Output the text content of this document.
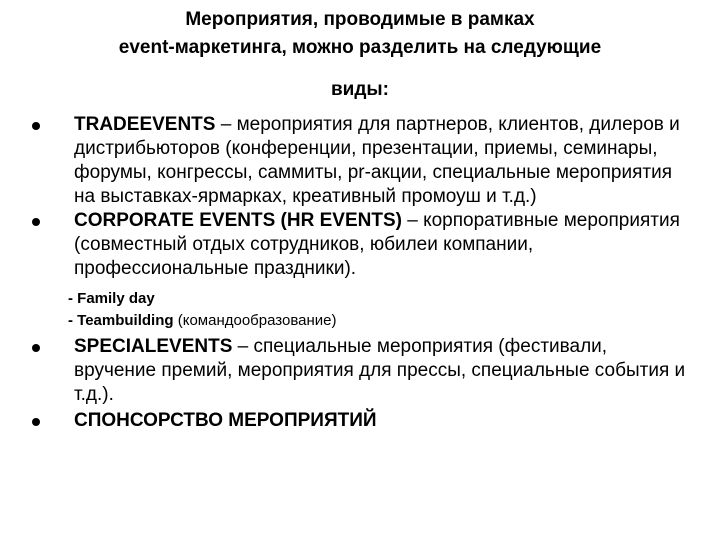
Мероприятия, проводимые в рамках
event-маркетинга, можно разделить на следующие
виды:
TRADEEVENTS – мероприятия для партнеров, клиентов, дилеров и дистрибьюторов (конференции, презентации, приемы, семинары, форумы, конгрессы, саммиты, pr-акции, специальные мероприятия на выставках-ярмарках, креативный промоуш и т.д.)
CORPORATE EVENTS (HR EVENTS) – корпоративные мероприятия (совместный отдых сотрудников, юбилеи компании, профессиональные праздники).
- Family day
- Teambuilding (командообразование)
SPECIALEVENTS – специальные мероприятия (фестивали, вручение премий, мероприятия для прессы, специальные события и т.д.).
СПОНСОРСТВО МЕРОПРИЯТИЙ
